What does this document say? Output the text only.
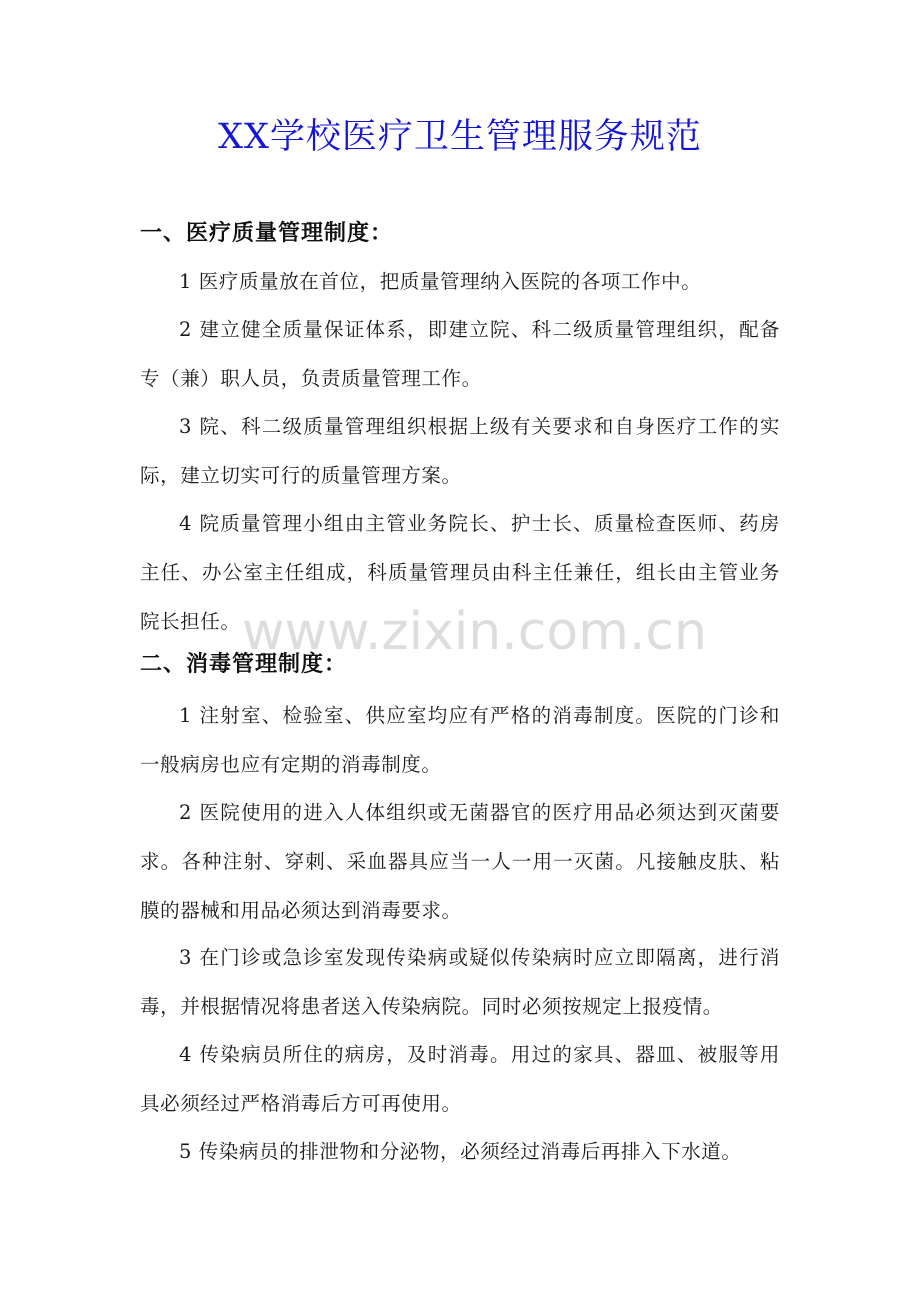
XX学校医疗卫生管理服务规范
一、医疗质量管理制度：

1 医疗质量放在首位，把质量管理纳入医院的各项工作中。

2 建立健全质量保证体系，即建立院、科二级质量管理组织，配备专（兼）职人员，负责质量管理工作。

3 院、科二级质量管理组织根据上级有关要求和自身医疗工作的实际，建立切实可行的质量管理方案。

4 院质量管理小组由主管业务院长、护士长、质量检查医师、药房主任、办公室主任组成，科质量管理员由科主任兼任，组长由主管业务院长担任。

二、消毒管理制度：

1 注射室、检验室、供应室均应有严格的消毒制度。医院的门诊和一般病房也应有定期的消毒制度。

2 医院使用的进入人体组织或无菌器官的医疗用品必须达到灭菌要求。各种注射、穿刺、采血器具应当一人一用一灭菌。凡接触皮肤、粘膜的器械和用品必须达到消毒要求。

3 在门诊或急诊室发现传染病或疑似传染病时应立即隔离，进行消毒，并根据情况将患者送入传染病院。同时必须按规定上报疫情。

4 传染病员所住的病房，及时消毒。用过的家具、器皿、被服等用具必须经过严格消毒后方可再使用。

5 传染病员的排泄物和分泌物，必须经过消毒后再排入下水道。

www.zixin.com.cn
